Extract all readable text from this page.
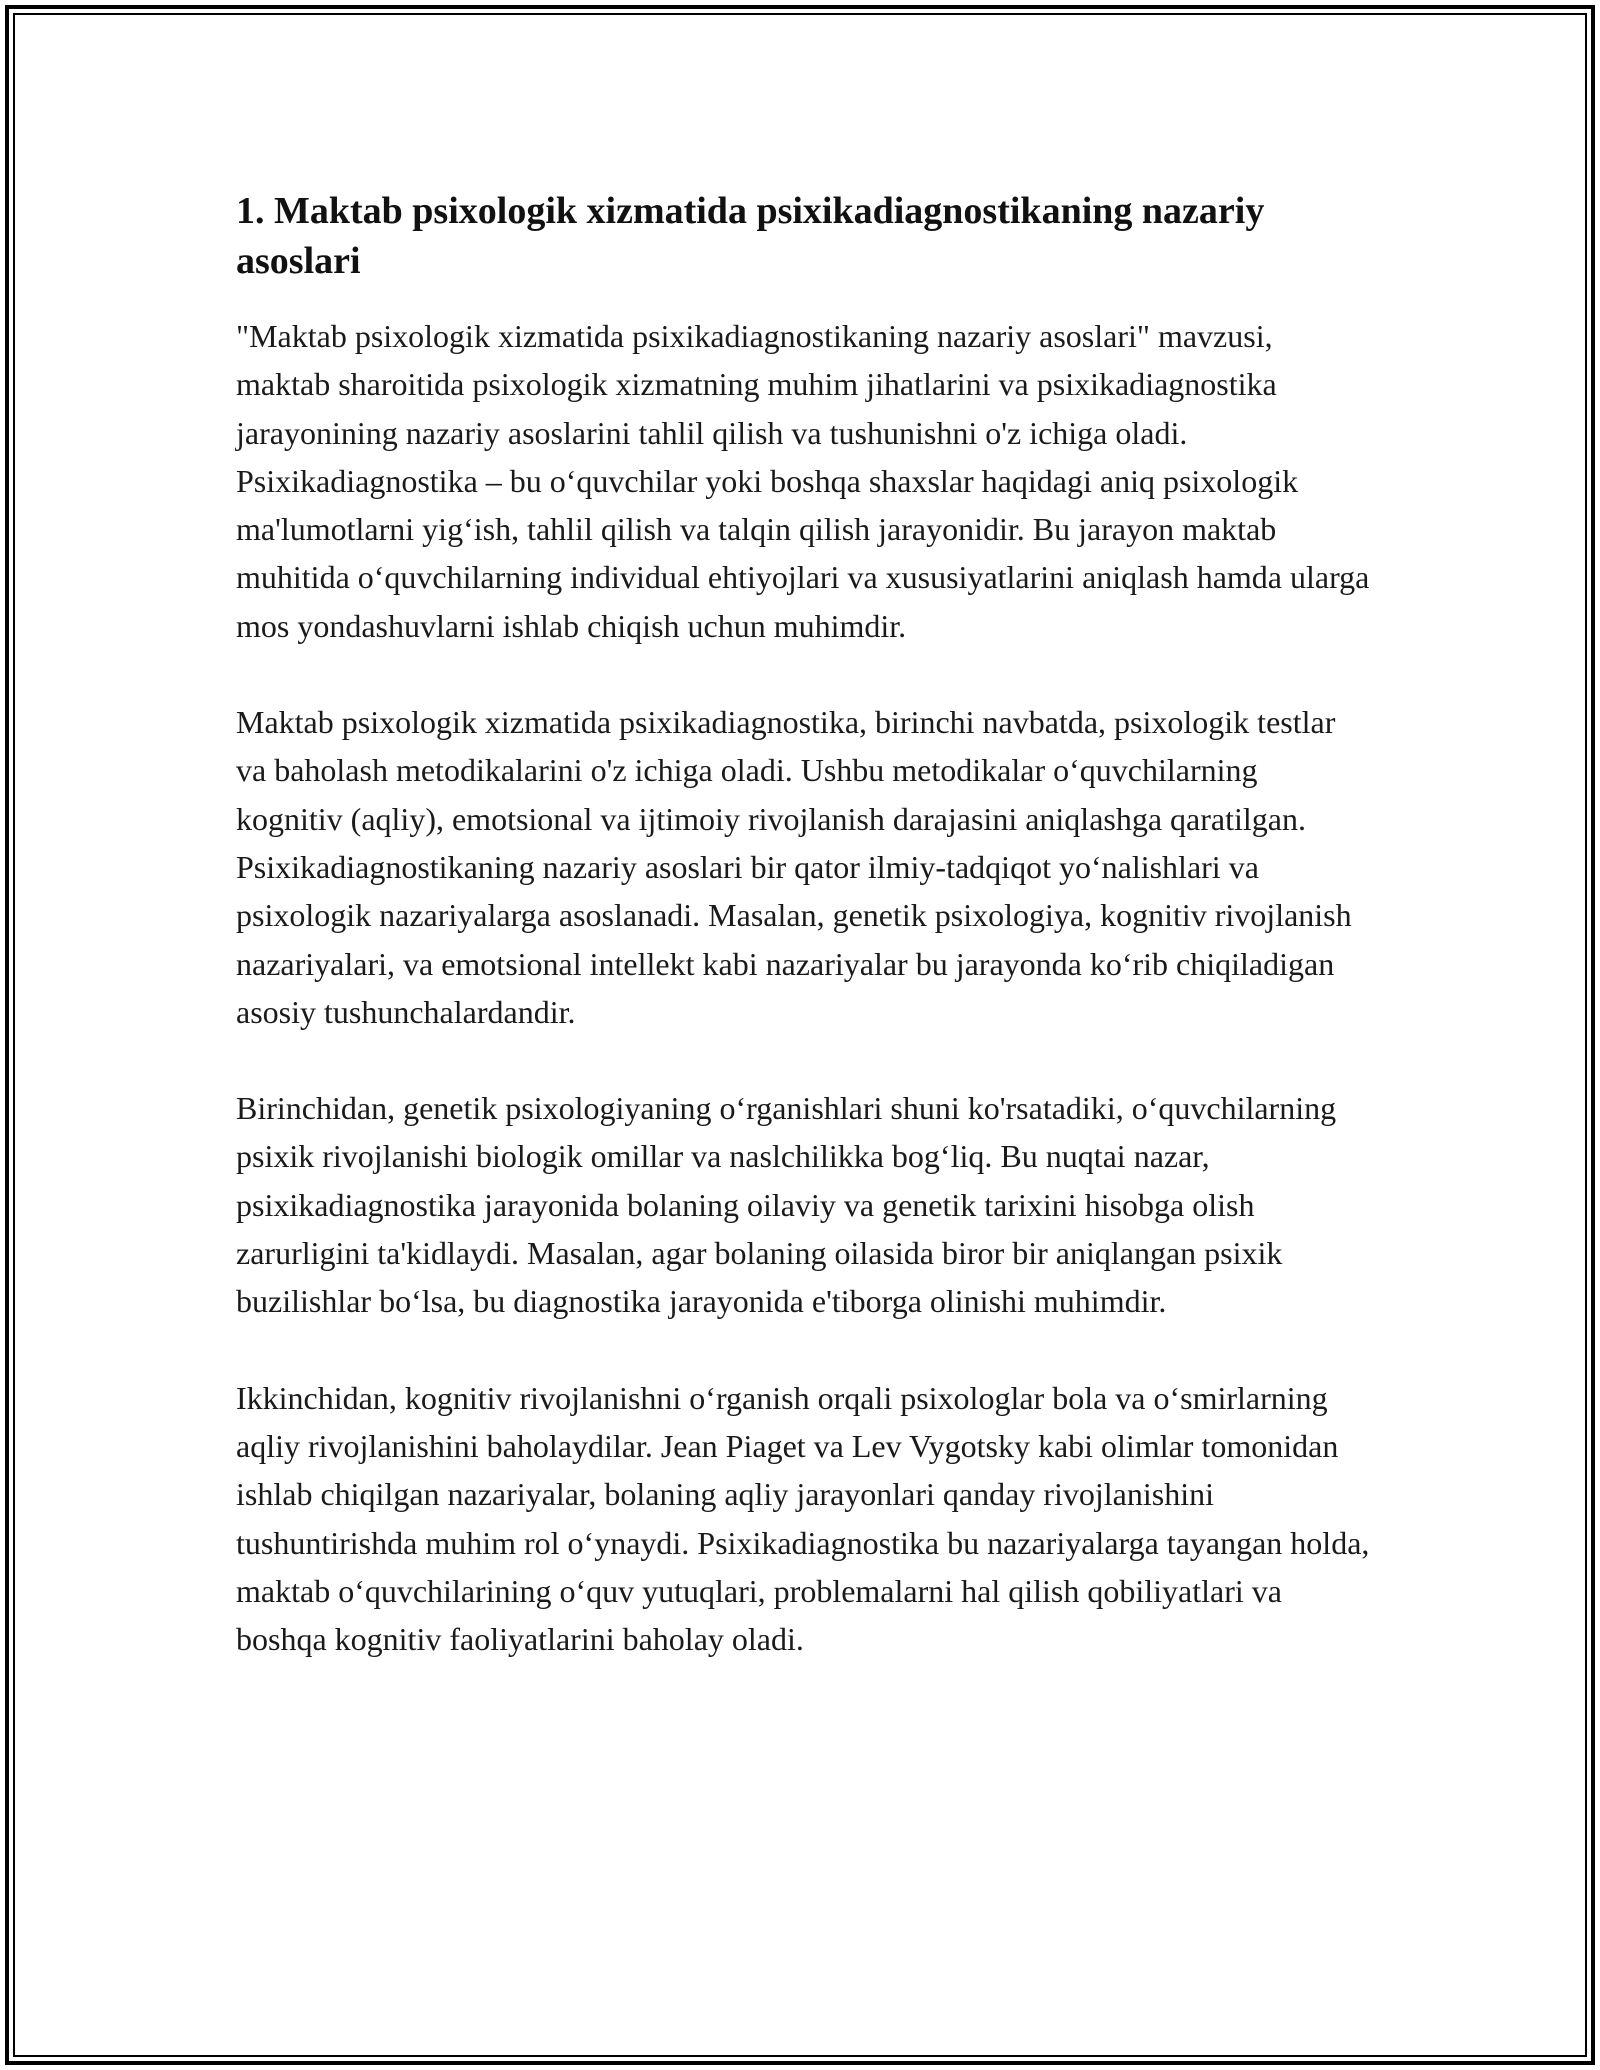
1. Maktab psixologik xizmatida psixikadiagnostikaning nazariy asoslari

"Maktab psixologik xizmatida psixikadiagnostikaning nazariy asoslari" mavzusi, maktab sharoitida psixologik xizmatning muhim jihatlarini va psixikadiagnostika jarayonining nazariy asoslarini tahlil qilish va tushunishni o'z ichiga oladi. Psixikadiagnostika – bu o‘quvchilar yoki boshqa shaxslar haqidagi aniq psixologik ma'lumotlarni yig‘ish, tahlil qilish va talqin qilish jarayonidir. Bu jarayon maktab muhitida o‘quvchilarning individual ehtiyojlari va xususiyatlarini aniqlash hamda ularga mos yondashuvlarni ishlab chiqish uchun muhimdir.

Maktab psixologik xizmatida psixikadiagnostika, birinchi navbatda, psixologik testlar va baholash metodikalarini o'z ichiga oladi. Ushbu metodikalar o‘quvchilarning kognitiv (aqliy), emotsional va ijtimoiy rivojlanish darajasini aniqlashga qaratilgan. Psixikadiagnostikaning nazariy asoslari bir qator ilmiy-tadqiqot yo‘nalishlari va psixologik nazariyalarga asoslanadi. Masalan, genetik psixologiya, kognitiv rivojlanish nazariyalari, va emotsional intellekt kabi nazariyalar bu jarayonda ko‘rib chiqiladigan asosiy tushunchalardandir.

Birinchidan, genetik psixologiyaning o‘rganishlari shuni ko'rsatadiki, o‘quvchilarning psixik rivojlanishi biologik omillar va naslchilikka bog‘liq. Bu nuqtai nazar, psixikadiagnostika jarayonida bolaning oilaviy va genetik tarixini hisobga olish zarurligini ta'kidlaydi. Masalan, agar bolaning oilasida biror bir aniqlangan psixik buzilishlar bo‘lsa, bu diagnostika jarayonida e'tiborga olinishi muhimdir.

Ikkinchidan, kognitiv rivojlanishni o‘rganish orqali psixologlar bola va o‘smirlarning aqliy rivojlanishini baholaydilar. Jean Piaget va Lev Vygotsky kabi olimlar tomonidan ishlab chiqilgan nazariyalar, bolaning aqliy jarayonlari qanday rivojlanishini tushuntirishda muhim rol o‘ynaydi. Psixikadiagnostika bu nazariyalarga tayangan holda, maktab o‘quvchilarining o‘quv yutuqlari, problemalarni hal qilish qobiliyatlari va boshqa kognitiv faoliyatlarini baholay oladi.
